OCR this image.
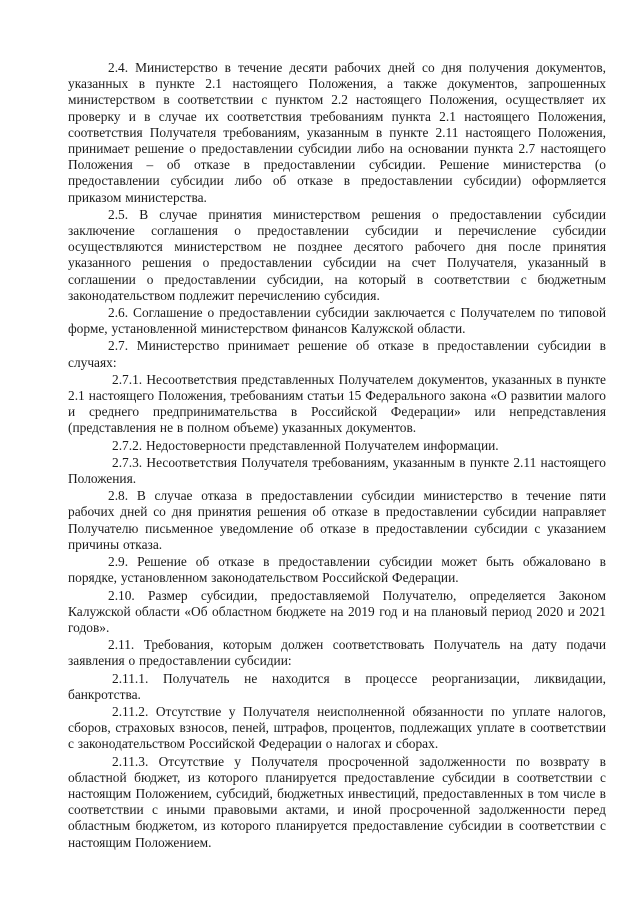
2.4. Министерство в течение десяти рабочих дней со дня получения документов, указанных в пункте 2.1 настоящего Положения, а также документов, запрошенных министерством в соответствии с пунктом 2.2 настоящего Положения, осуществляет их проверку и в случае их соответствия требованиям пункта 2.1 настоящего Положения, соответствия Получателя требованиям, указанным в пункте 2.11 настоящего Положения, принимает решение о предоставлении субсидии либо на основании пункта 2.7 настоящего Положения – об отказе в предоставлении субсидии. Решение министерства (о предоставлении субсидии либо об отказе в предоставлении субсидии) оформляется приказом министерства.

2.5. В случае принятия министерством решения о предоставлении субсидии заключение соглашения о предоставлении субсидии и перечисление субсидии осуществляются министерством не позднее десятого рабочего дня после принятия указанного решения о предоставлении субсидии на счет Получателя, указанный в соглашении о предоставлении субсидии, на который в соответствии с бюджетным законодательством подлежит перечислению субсидия.

2.6. Соглашение о предоставлении субсидии заключается с Получателем по типовой форме, установленной министерством финансов Калужской области.

2.7. Министерство принимает решение об отказе в предоставлении субсидии в случаях:

2.7.1. Несоответствия представленных Получателем документов, указанных в пункте 2.1 настоящего Положения, требованиям статьи 15 Федерального закона «О развитии малого и среднего предпринимательства в Российской Федерации» или непредставления (представления не в полном объеме) указанных документов.

2.7.2. Недостоверности представленной Получателем информации.

2.7.3. Несоответствия Получателя требованиям, указанным в пункте 2.11 настоящего Положения.

2.8. В случае отказа в предоставлении субсидии министерство в течение пяти рабочих дней со дня принятия решения об отказе в предоставлении субсидии направляет Получателю письменное уведомление об отказе в предоставлении субсидии с указанием причины отказа.

2.9. Решение об отказе в предоставлении субсидии может быть обжаловано в порядке, установленном законодательством Российской Федерации.

2.10. Размер субсидии, предоставляемой Получателю, определяется Законом Калужской области «Об областном бюджете на 2019 год и на плановый период 2020 и 2021 годов».

2.11. Требования, которым должен соответствовать Получатель на дату подачи заявления о предоставлении субсидии:

2.11.1. Получатель не находится в процессе реорганизации, ликвидации, банкротства.

2.11.2. Отсутствие у Получателя неисполненной обязанности по уплате налогов, сборов, страховых взносов, пеней, штрафов, процентов, подлежащих уплате в соответствии с законодательством Российской Федерации о налогах и сборах.

2.11.3. Отсутствие у Получателя просроченной задолженности по возврату в областной бюджет, из которого планируется предоставление субсидии в соответствии с настоящим Положением, субсидий, бюджетных инвестиций, предоставленных в том числе в соответствии с иными правовыми актами, и иной просроченной задолженности перед областным бюджетом, из которого планируется предоставление субсидии в соответствии с настоящим Положением.
